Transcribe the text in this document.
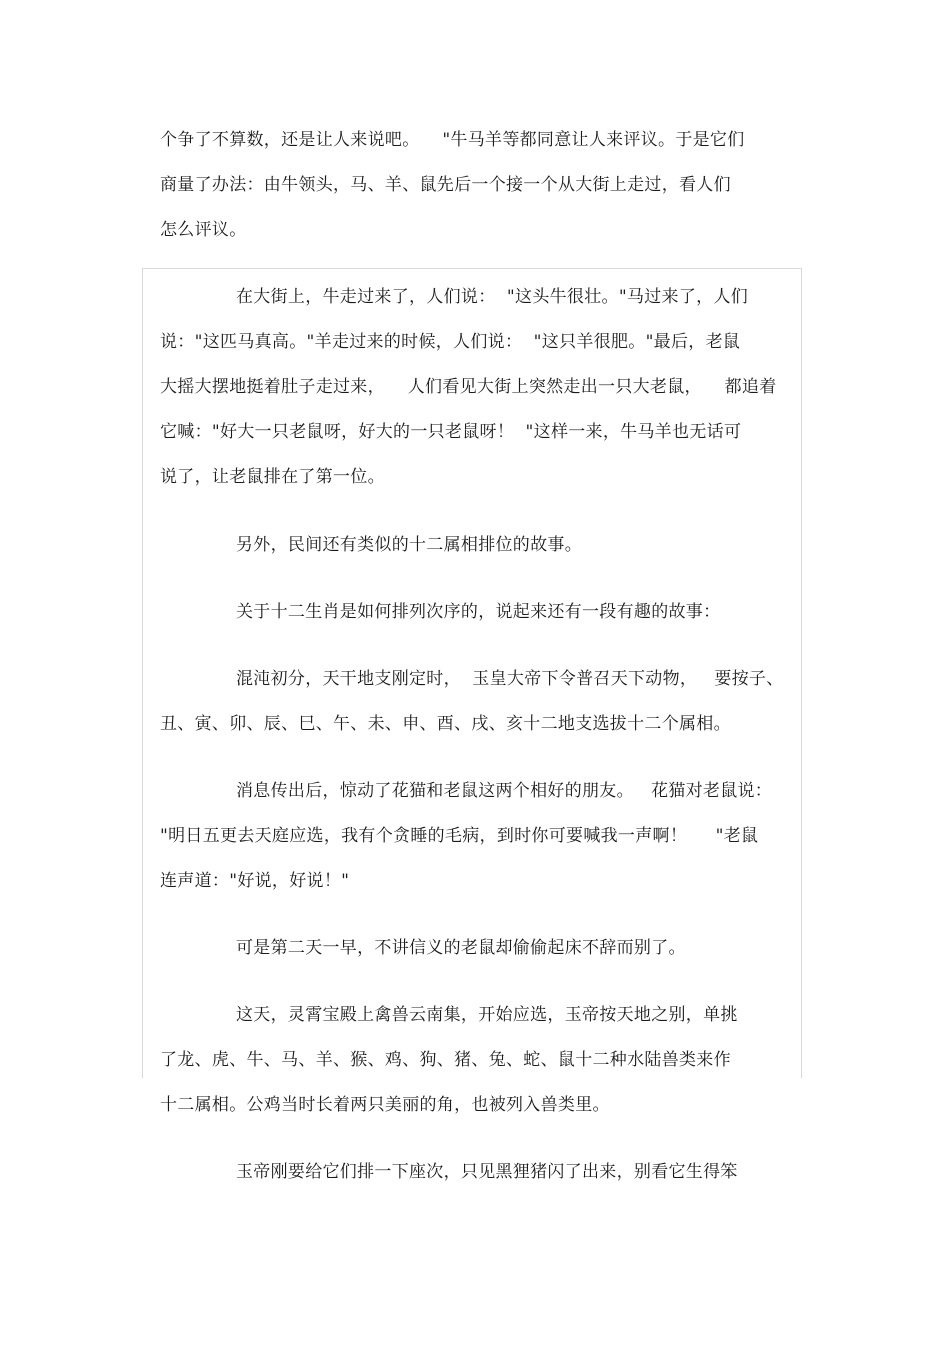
个争了不算数，还是让人来说吧。    "牛马羊等都同意让人来评议。于是它们
商量了办法：由牛领头，马、羊、鼠先后一个接一个从大街上走过，看人们
怎么评议。
在大街上，牛走过来了，人们说：  "这头牛很壮。"马过来了，人们
说："这匹马真高。"羊走过来的时候，人们说：  "这只羊很肥。"最后，老鼠
大摇大摆地挺着肚子走过来，    人们看见大街上突然走出一只大老鼠，    都追着
它喊："好大一只老鼠呀，好大的一只老鼠呀！  "这样一来，牛马羊也无话可
说了，让老鼠排在了第一位。
另外，民间还有类似的十二属相排位的故事。
关于十二生肖是如何排列次序的，说起来还有一段有趣的故事：
混沌初分，天干地支刚定时，  玉皇大帝下令普召天下动物，   要按子、
丑、寅、卯、辰、巳、午、未、申、酉、戌、亥十二地支选拔十二个属相。
消息传出后，惊动了花猫和老鼠这两个相好的朋友。   花猫对老鼠说：
"明日五更去天庭应选，我有个贪睡的毛病，到时你可要喊我一声啊！     "老鼠
连声道："好说，好说！"
可是第二天一早，不讲信义的老鼠却偷偷起床不辞而别了。
这天，灵霄宝殿上禽兽云南集，开始应选，玉帝按天地之别，单挑
了龙、虎、牛、马、羊、猴、鸡、狗、猪、兔、蛇、鼠十二种水陆兽类来作
十二属相。公鸡当时长着两只美丽的角，也被列入兽类里。
玉帝刚要给它们排一下座次，只见黑狸猪闪了出来，别看它生得笨
